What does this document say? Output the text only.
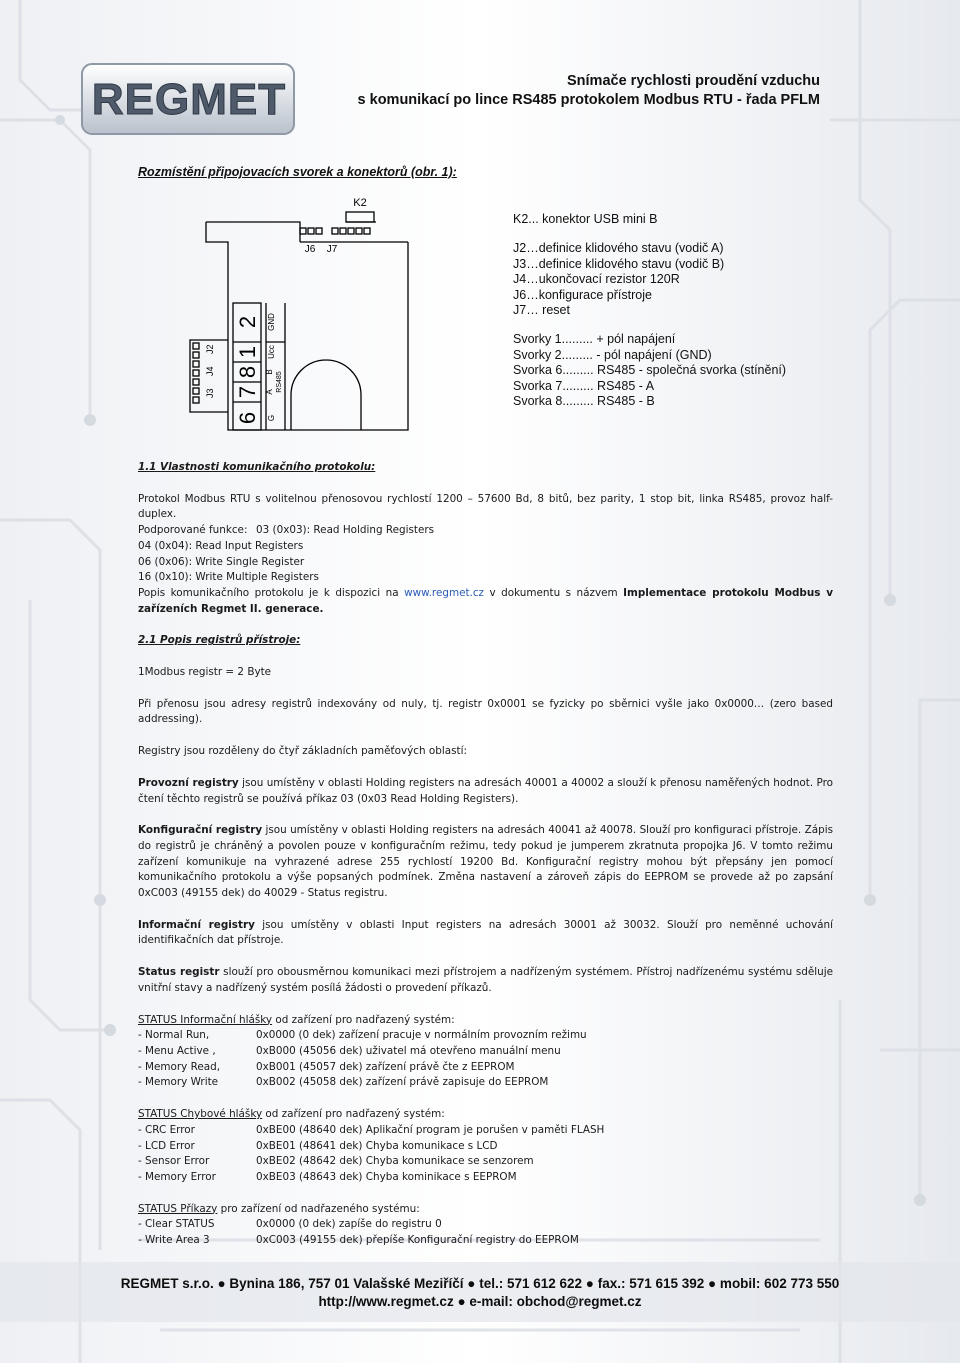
REGMET	Snímače rychlosti proudění vzduchu
s komunikací po lince RS485 protokolem Modbus RTU - řada PFLM
Rozmístění připojovacích svorek a konektorů (obr. 1):
K2
J6 J7
J3
J4
J2
6
7
8
1
2
G
A RS485
B
Ucc
GND
K2... konektor USB mini B
J2…definice klidového stavu (vodič A)
J3…definice klidového stavu (vodič B)
J4…ukončovací rezistor 120R
J6…konfigurace přístroje
J7… reset
Svorky 1......... + pól napájení
Svorky 2......... - pól napájení (GND)
Svorka 6......... RS485 - společná svorka (stínění)
Svorka 7......... RS485 - A
Svorka 8......... RS485 - B

1.1 Vlastnosti komunikačního protokolu:

Protokol Modbus RTU s volitelnou přenosovou rychlostí 1200 – 57600 Bd, 8 bitů, bez parity, 1 stop bit, linka RS485, provoz half-duplex.

Podporované funkce: 03 (0x03): Read Holding Registers

04 (0x04): Read Input Registers

06 (0x06): Write Single Register

16 (0x10): Write Multiple Registers

Popis komunikačního protokolu je k dispozici na www.regmet.cz v dokumentu s názvem Implementace protokolu Modbus v zařízeních Regmet II. generace.

2.1 Popis registrů přístroje:

1Modbus registr = 2 Byte

Při přenosu jsou adresy registrů indexovány od nuly, tj. registr 0x0001 se fyzicky po sběrnici vyšle jako 0x0000… (zero based addressing).

Registry jsou rozděleny do čtyř základních paměťových oblastí:

Provozní registry jsou umístěny v oblasti Holding registers na adresách 40001 a 40002 a slouží k přenosu naměřených hodnot. Pro čtení těchto registrů se používá příkaz 03 (0x03 Read Holding Registers).

Konfigurační registry jsou umístěny v oblasti Holding registers na adresách 40041 až 40078. Slouží pro konfiguraci přístroje. Zápis do registrů je chráněný a povolen pouze v konfiguračním režimu, tedy pokud je jumperem zkratnuta propojka J6. V tomto režimu zařízení komunikuje na vyhrazené adrese 255 rychlostí 19200 Bd. Konfigurační registry mohou být přepsány jen pomocí komunikačního protokolu a výše popsaných podmínek. Změna nastavení a zároveň zápis do EEPROM se provede až po zapsání 0xC003 (49155 dek) do 40029 - Status registru.

Informační registry jsou umístěny v oblasti Input registers na adresách 30001 až 30032. Slouží pro neměnné uchování identifikačních dat přístroje.

Status registr slouží pro obousměrnou komunikaci mezi přístrojem a nadřízeným systémem. Přístroj nadřízenému systému sděluje vnitřní stavy a nadřízený systém posílá žádosti o provedení příkazů.

STATUS Informační hlášky od zařízení pro nadřazený systém:

- Normal Run,	0x0000 (0 dek) zařízení pracuje v normálním provozním režimu
- Menu Active ,	0xB000 (45056 dek) uživatel má otevřeno manuální menu
- Memory Read,	0xB001 (45057 dek) zařízení právě čte z EEPROM
- Memory Write	0xB002 (45058 dek) zařízení právě zapisuje do EEPROM

STATUS Chybové hlášky od zařízení pro nadřazený systém:

- CRC Error	0xBE00 (48640 dek) Aplikační program je porušen v paměti FLASH
- LCD Error	0xBE01 (48641 dek) Chyba komunikace s LCD
- Sensor Error	0xBE02 (48642 dek) Chyba komunikace se senzorem
- Memory Error	0xBE03 (48643 dek) Chyba kominikace s EEPROM

STATUS Příkazy pro zařízení od nadřazeného systému:

- Clear STATUS	0x0000 (0 dek) zapíše do registru 0
- Write Area 3	0xC003 (49155 dek) přepíše Konfigurační registry do EEPROM
REGMET s.r.o. ● Bynina 186, 757 01 Valašské Meziříčí ● tel.: 571 612 622 ● fax.: 571 615 392 ● mobil: 602 773 550
http://www.regmet.cz ● e-mail: obchod@regmet.cz
